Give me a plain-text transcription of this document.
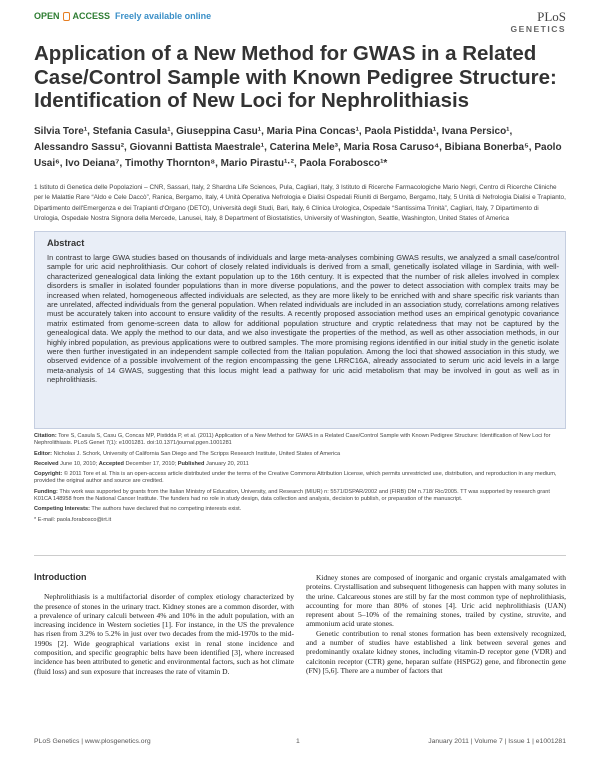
OPEN ACCESS Freely available online	PLoS
GENETICS
Application of a New Method for GWAS in a Related Case/Control Sample with Known Pedigree Structure: Identification of New Loci for Nephrolithiasis
Silvia Tore¹, Stefania Casula¹, Giuseppina Casu¹, Maria Pina Concas¹, Paola Pistidda¹, Ivana Persico¹, Alessandro Sassu², Giovanni Battista Maestrale¹, Caterina Mele³, Maria Rosa Caruso⁴, Bibiana Bonerba⁵, Paolo Usai⁶, Ivo Deiana⁷, Timothy Thornton⁸, Mario Pirastu¹·², Paola Forabosco¹*
1 Istituto di Genetica delle Popolazioni – CNR, Sassari, Italy, 2 Shardna Life Sciences, Pula, Cagliari, Italy, 3 Istituto di Ricerche Farmacologiche Mario Negri, Centro di Ricerche Cliniche per le Malattie Rare “Aldo e Cele Daccò”, Ranica, Bergamo, Italy, 4 Unità Operativa Nefrologia e Dialisi Ospedali Riuniti di Bergamo, Bergamo, Italy, 5 Unità di Nefrologia Dialisi e Trapianto, Dipartimento dell'Emergenza e dei Trapianti d'Organo (DETO), Università degli Studi, Bari, Italy, 6 Clinica Urologica, Ospedale “Santissima Trinità”, Cagliari, Italy, 7 Dipartimento di Urologia, Ospedale Nostra Signora della Mercede, Lanusei, Italy, 8 Department of Biostatistics, University of Washington, Seattle, Washington, United States of America
Abstract

In contrast to large GWA studies based on thousands of individuals and large meta-analyses combining GWAS results, we analyzed a small case/control sample for uric acid nephrolithiasis. Our cohort of closely related individuals is derived from a small, genetically isolated village in Sardinia, with well-characterized genealogical data linking the extant population up to the 16th century. It is expected that the number of risk alleles involved in complex disorders is smaller in isolated founder populations than in more diverse populations, and the power to detect association with complex traits may be increased when related, homogeneous affected individuals are selected, as they are more likely to be enriched with and share specific risk variants than are unrelated, affected individuals from the general population. When related individuals are included in an association study, correlations among relatives must be accurately taken into account to ensure validity of the results. A recently proposed association method uses an empirical genotypic covariance matrix estimated from genome-screen data to allow for additional population structure and cryptic relatedness that may not be captured by the genealogical data. We apply the method to our data, and we also investigate the properties of the method, as well as other association methods, in our highly inbred population, as previous applications were to outbred samples. The more promising regions identified in our initial study in the genetic isolate were then further investigated in an independent sample collected from the Italian population. Among the loci that showed association in this study, we observed evidence of a possible involvement of the region encompassing the gene LRRC16A, already associated to serum uric acid levels in a large meta-analysis of 14 GWAS, suggesting that this locus might lead a pathway for uric acid metabolism that may be involved in gout as well as in nephrolithiasis.

Citation: Tore S, Casula S, Casu G, Concas MP, Pistidda P, et al. (2011) Application of a New Method for GWAS in a Related Case/Control Sample with Known Pedigree Structure: Identification of New Loci for Nephrolithiasis. PLoS Genet 7(1): e1001281. doi:10.1371/journal.pgen.1001281

Editor: Nicholas J. Schork, University of California San Diego and The Scripps Research Institute, United States of America

Received June 10, 2010; Accepted December 17, 2010; Published January 20, 2011

Copyright: © 2011 Tore et al. This is an open-access article distributed under the terms of the Creative Commons Attribution License, which permits unrestricted use, distribution, and reproduction in any medium, provided the original author and source are credited.

Funding: This work was supported by grants from the Italian Ministry of Education, University, and Research (MIUR) n: 5571/DSPAR/2002 and (FIRB) DM n.718/ Ric/2005. TT was supported by research grant K01CA 148958 from the National Cancer Institute. The funders had no role in study design, data collection and analysis, decision to publish, or preparation of the manuscript.

Competing Interests: The authors have declared that no competing interests exist.

* E-mail: paola.forabosco@irt.it

Introduction

Nephrolithiasis is a multifactorial disorder of complex etiology characterized by the presence of stones in the urinary tract. Kidney stones are a common disorder, with a prevalence of urinary calculi between 4% and 10% in the adult population, with an increasing incidence in Western societies [1]. For instance, in the US the prevalence has risen from 3.2% to 5.2% in just over two decades from the mid-1970s to the mid-1990s [2]. Wide geographical variations exist in renal stone incidence and composition, and specific geographic belts have been identified [3], where increased incidence has been attributed to genetic and environmental factors, such as hot climate (fluid loss) and sun exposure that increases the rate of vitamin D.

Kidney stones are composed of inorganic and organic crystals amalgamated with proteins. Crystallisation and subsequent lithogenesis can happen with many solutes in the urine. Calcareous stones are still by far the most common type of nephrolithiasis, accounting for more than 80% of stones [4]. Uric acid nephrolithiasis (UAN) represent about 5–10% of the remaining stones, trailed by cystine, struvite, and ammonium acid urate stones.

Genetic contribution to renal stones formation has been extensively recognized, and a number of studies have established a link between several genes and predominantly oxalate kidney stones, including vitamin-D receptor gene (VDR) and calcitonin receptor (CTR) gene, heparan sulfate (HSPG2) gene, and fibronectin gene (FN) [5,6]. There are a number of factors that

PLoS Genetics | www.plosgenetics.org	1	January 2011 | Volume 7 | Issue 1 | e1001281
